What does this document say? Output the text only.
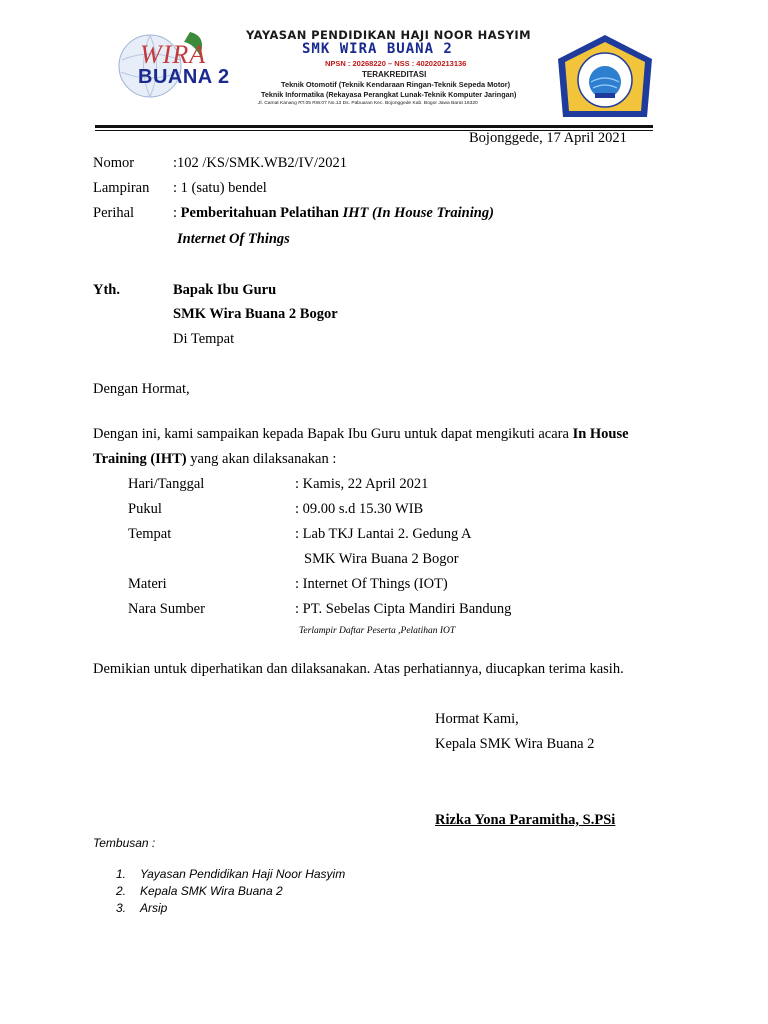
WIRA
BUANA 2
YAYASAN PENDIDIKAN HAJI NOOR HASYIM
SMK WIRA BUANA 2
NPSN : 20268220 – NSS : 402020213136
TERAKREDITASI
Teknik Otomotif (Teknik Kendaraan Ringan-Teknik Sepeda Motor)
Teknik Informatika (Rekayasa Perangkat Lunak-Teknik Komputer Jaringan)
Jl. Camat Kanang RT.05 RW.07 No.13 Ds. Pabuaran Kec. Bojonggede Kab. Bogor Jawa Barat 16320
Bojonggede, 17 April 2021
Nomor	:102 /KS/SMK.WB2/IV/2021
Lampiran : 1 (satu) bendel
Perihal	: Pemberitahuan Pelatihan IHT (In House Training)
Internet Of Things
Yth.	Bapak Ibu Guru
SMK Wira Buana 2 Bogor
Di Tempat
Dengan Hormat,
Dengan ini, kami sampaikan kepada Bapak Ibu Guru untuk dapat mengikuti acara In House
Training (IHT) yang akan dilaksanakan :
Hari/Tanggal	: Kamis, 22 April 2021
Pukul	: 09.00 s.d 15.30 WIB
Tempat	: Lab TKJ Lantai 2. Gedung A
SMK Wira Buana 2 Bogor
Materi	: Internet Of Things (IOT)
Nara Sumber	: PT. Sebelas Cipta Mandiri Bandung
Terlampir Daftar Peserta ,Pelatihan IOT
Demikian untuk diperhatikan dan dilaksanakan. Atas perhatiannya, diucapkan terima kasih.
Hormat Kami,
Kepala SMK Wira Buana 2
Rizka Yona Paramitha, S.PSi
Tembusan :
1. Yayasan Pendidikan Haji Noor Hasyim
2. Kepala SMK Wira Buana 2
3. Arsip
